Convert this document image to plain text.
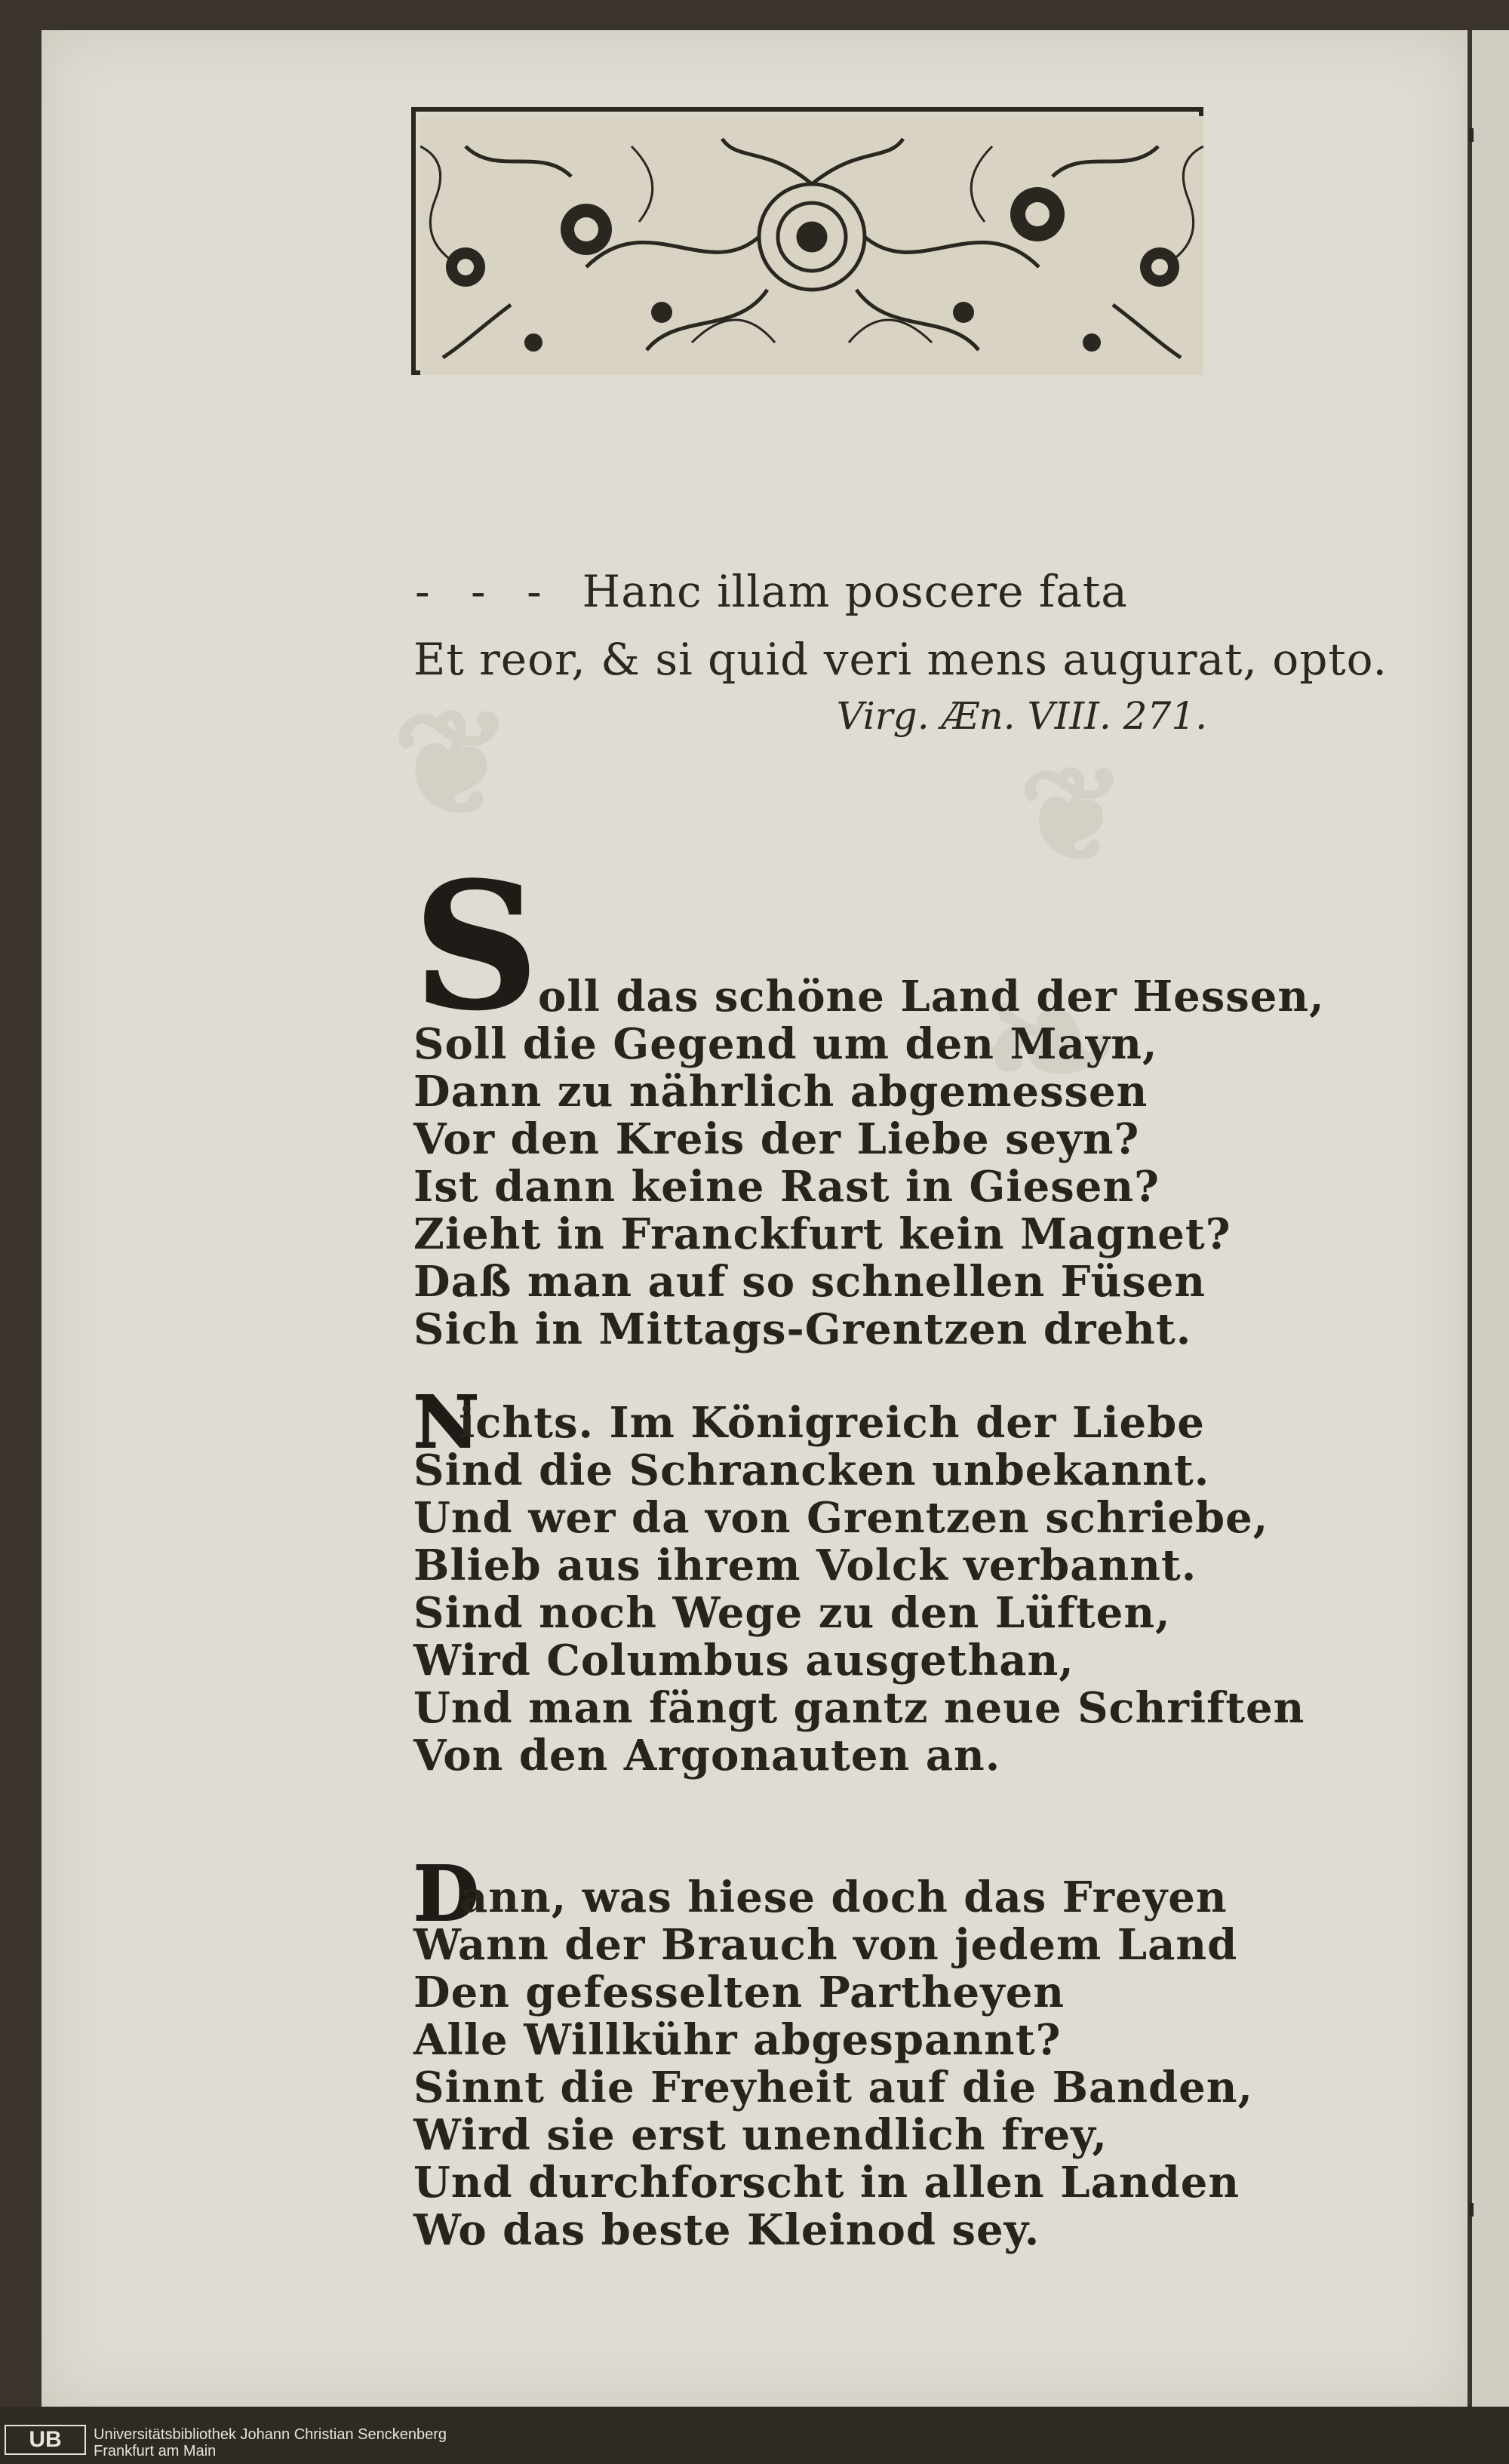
- - - Hanc illam poscere fata
Et reor, & si quid veri mens augurat, opto.
Virg. Æn. VIII. 271.
S
oll das schöne Land der Hessen,
Soll die Gegend um den Mayn,
Dann zu nährlich abgemessen
Vor den Kreis der Liebe seyn?
Ist dann keine Rast in Giesen?
Zieht in Franckfurt kein Magnet?
Daß man auf so schnellen Füsen
Sich in Mittags-Grentzen dreht.
N
ichts. Im Königreich der Liebe
Sind die Schrancken unbekannt.
Und wer da von Grentzen schriebe,
Blieb aus ihrem Volck verbannt.
Sind noch Wege zu den Lüften,
Wird Columbus ausgethan,
Und man fängt gantz neue Schriften
Von den Argonauten an.
D
ann, was hiese doch das Freyen
Wann der Brauch von jedem Land
Den gefesselten Partheyen
Alle Willkühr abgespannt?
Sinnt die Freyheit auf die Banden,
Wird sie erst unendlich frey,
Und durchforscht in allen Landen
Wo das beste Kleinod sey.
UB	Universitätsbibliothek Johann Christian Senckenberg
Frankfurt am Main
